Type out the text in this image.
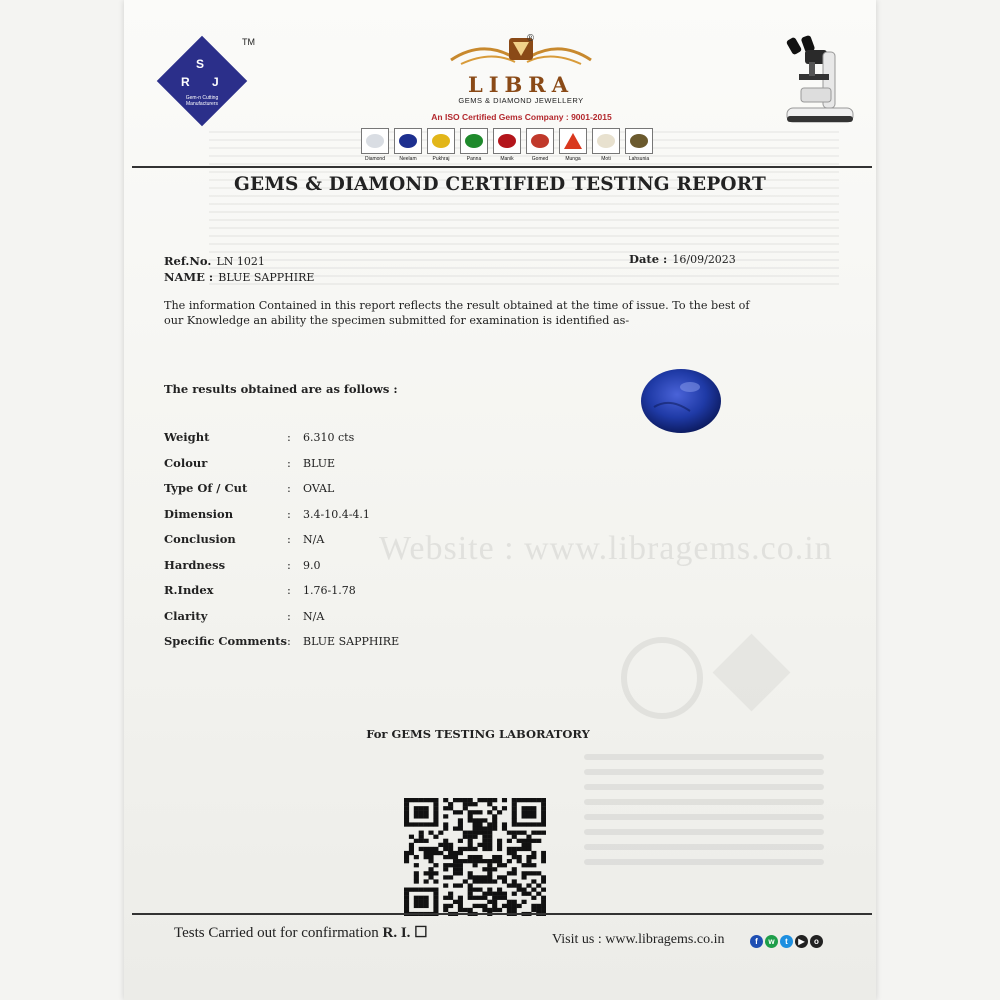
Website : www.libragems.co.in
S
R J
Gem-n Cutting Manufacturers
TM	®
LIBRA
GEMS & DIAMOND JEWELLERY
An ISO Certified Gems Company : 9001-2015
Diamond	Neelam	Pukhraj	Panna	Manik	Gomed	Munga	Moti	Lahsunia
GEMS & DIAMOND CERTIFIED TESTING REPORT
Ref.No. LN 1021
NAME : BLUE SAPPHIRE
Date : 16/09/2023
The information Contained in this report reflects the result obtained at the time of issue. To the best of our Knowledge an ability the specimen submitted for examination is identified as-
The results obtained are as follows :
Weight	: 6.310 cts
Colour	: BLUE
Type Of / Cut	: OVAL
Dimension	: 3.4-10.4-4.1
Conclusion	: N/A
Hardness	: 9.0
R.Index	: 1.76-1.78
Clarity	: N/A
Specific Comments : BLUE SAPPHIRE
For GEMS TESTING LABORATORY
Tests Carried out for confirmation R. I. ☐	Visit us : www.libragems.co.in	f	w	t	▶	o
